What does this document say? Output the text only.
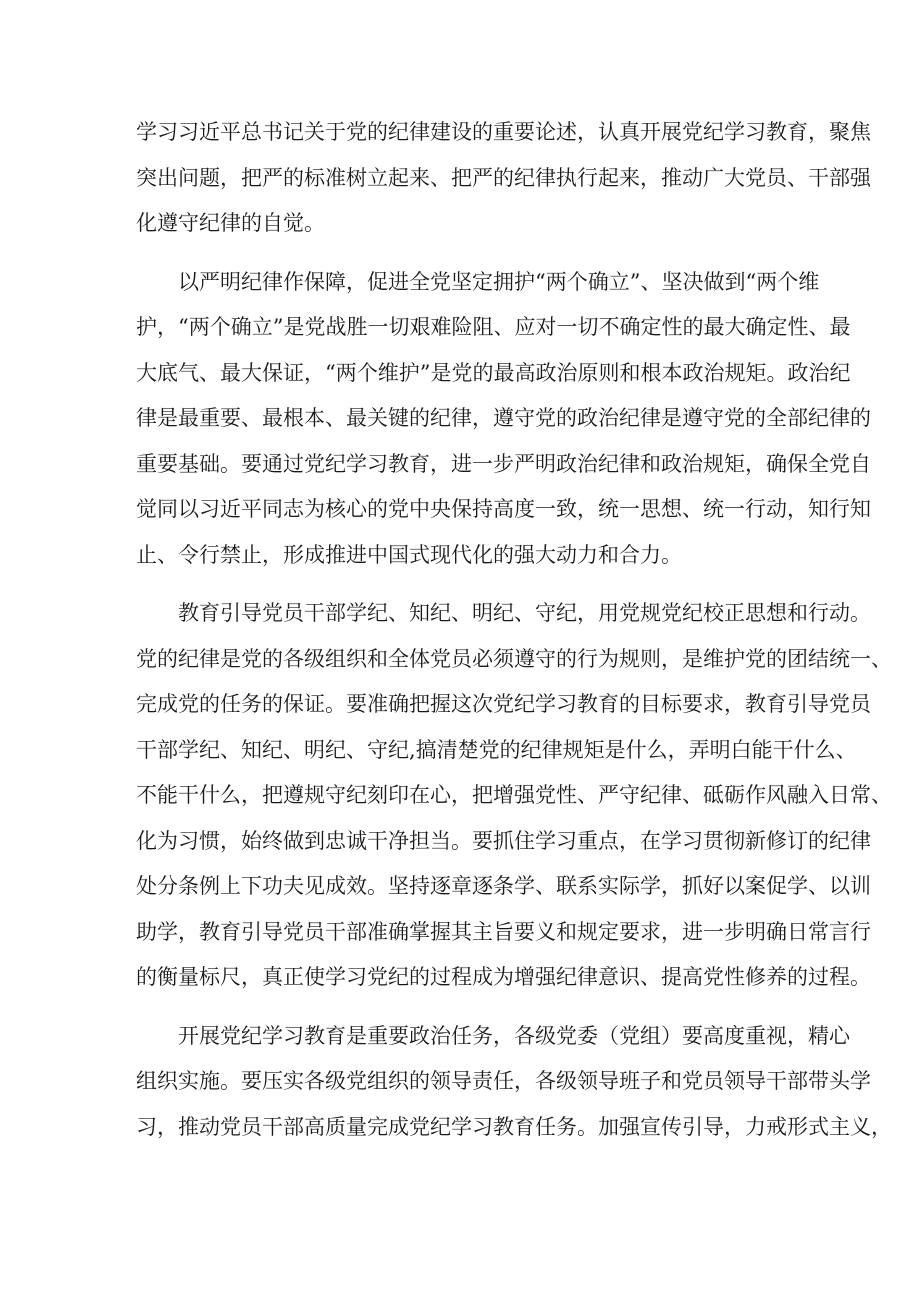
学习习近平总书记关于党的纪律建设的重要论述，认真开展党纪学习教育，聚焦
突出问题，把严的标准树立起来、把严的纪律执行起来，推动广大党员、干部强
化遵守纪律的自觉。
以严明纪律作保障，促进全党坚定拥护“两个确立”、坚决做到“两个维
护，“两个确立”是党战胜一切艰难险阻、应对一切不确定性的最大确定性、最
大底气、最大保证，“两个维护”是党的最高政治原则和根本政治规矩。政治纪
律是最重要、最根本、最关键的纪律，遵守党的政治纪律是遵守党的全部纪律的
重要基础。要通过党纪学习教育，进一步严明政治纪律和政治规矩，确保全党自
觉同以习近平同志为核心的党中央保持高度一致，统一思想、统一行动，知行知
止、令行禁止，形成推进中国式现代化的强大动力和合力。
教育引导党员干部学纪、知纪、明纪、守纪，用党规党纪校正思想和行动。
党的纪律是党的各级组织和全体党员必须遵守的行为规则，是维护党的团结统一、
完成党的任务的保证。要准确把握这次党纪学习教育的目标要求，教育引导党员
干部学纪、知纪、明纪、守纪,搞清楚党的纪律规矩是什么，弄明白能干什么、
不能干什么，把遵规守纪刻印在心，把增强党性、严守纪律、砥砺作风融入日常、
化为习惯，始终做到忠诚干净担当。要抓住学习重点，在学习贯彻新修订的纪律
处分条例上下功夫见成效。坚持逐章逐条学、联系实际学，抓好以案促学、以训
助学，教育引导党员干部准确掌握其主旨要义和规定要求，进一步明确日常言行
的衡量标尺，真正使学习党纪的过程成为增强纪律意识、提高党性修养的过程。
开展党纪学习教育是重要政治任务，各级党委（党组）要高度重视，精心
组织实施。要压实各级党组织的领导责任，各级领导班子和党员领导干部带头学
习，推动党员干部高质量完成党纪学习教育任务。加强宣传引导，力戒形式主义，
